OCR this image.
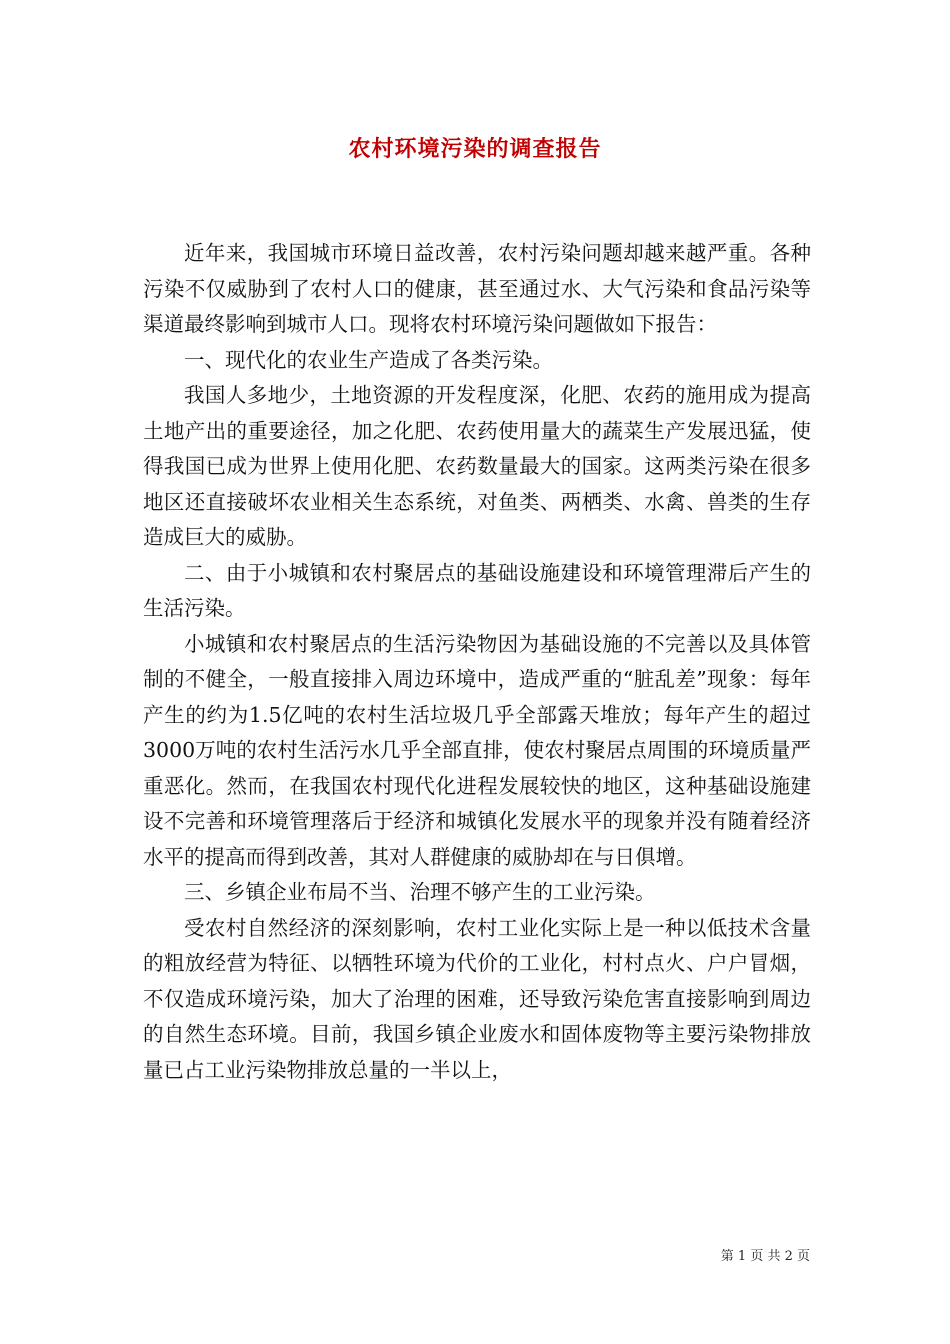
农村环境污染的调查报告

近年来，我国城市环境日益改善，农村污染问题却越来越严重。各种污染不仅威胁到了农村人口的健康，甚至通过水、大气污染和食品污染等渠道最终影响到城市人口。现将农村环境污染问题做如下报告：

一、现代化的农业生产造成了各类污染。

我国人多地少，土地资源的开发程度深，化肥、农药的施用成为提高土地产出的重要途径，加之化肥、农药使用量大的蔬菜生产发展迅猛，使得我国已成为世界上使用化肥、农药数量最大的国家。这两类污染在很多地区还直接破坏农业相关生态系统，对鱼类、两栖类、水禽、兽类的生存造成巨大的威胁。

二、由于小城镇和农村聚居点的基础设施建设和环境管理滞后产生的生活污染。

小城镇和农村聚居点的生活污染物因为基础设施的不完善以及具体管制的不健全，一般直接排入周边环境中，造成严重的“脏乱差”现象：每年产生的约为1.5亿吨的农村生活垃圾几乎全部露天堆放；每年产生的超过3000万吨的农村生活污水几乎全部直排，使农村聚居点周围的环境质量严重恶化。然而，在我国农村现代化进程发展较快的地区，这种基础设施建设不完善和环境管理落后于经济和城镇化发展水平的现象并没有随着经济水平的提高而得到改善，其对人群健康的威胁却在与日俱增。

三、乡镇企业布局不当、治理不够产生的工业污染。

受农村自然经济的深刻影响，农村工业化实际上是一种以低技术含量的粗放经营为特征、以牺牲环境为代价的工业化，村村点火、户户冒烟，不仅造成环境污染，加大了治理的困难，还导致污染危害直接影响到周边的自然生态环境。目前，我国乡镇企业废水和固体废物等主要污染物排放量已占工业污染物排放总量的一半以上，

第 1 页 共 2 页
